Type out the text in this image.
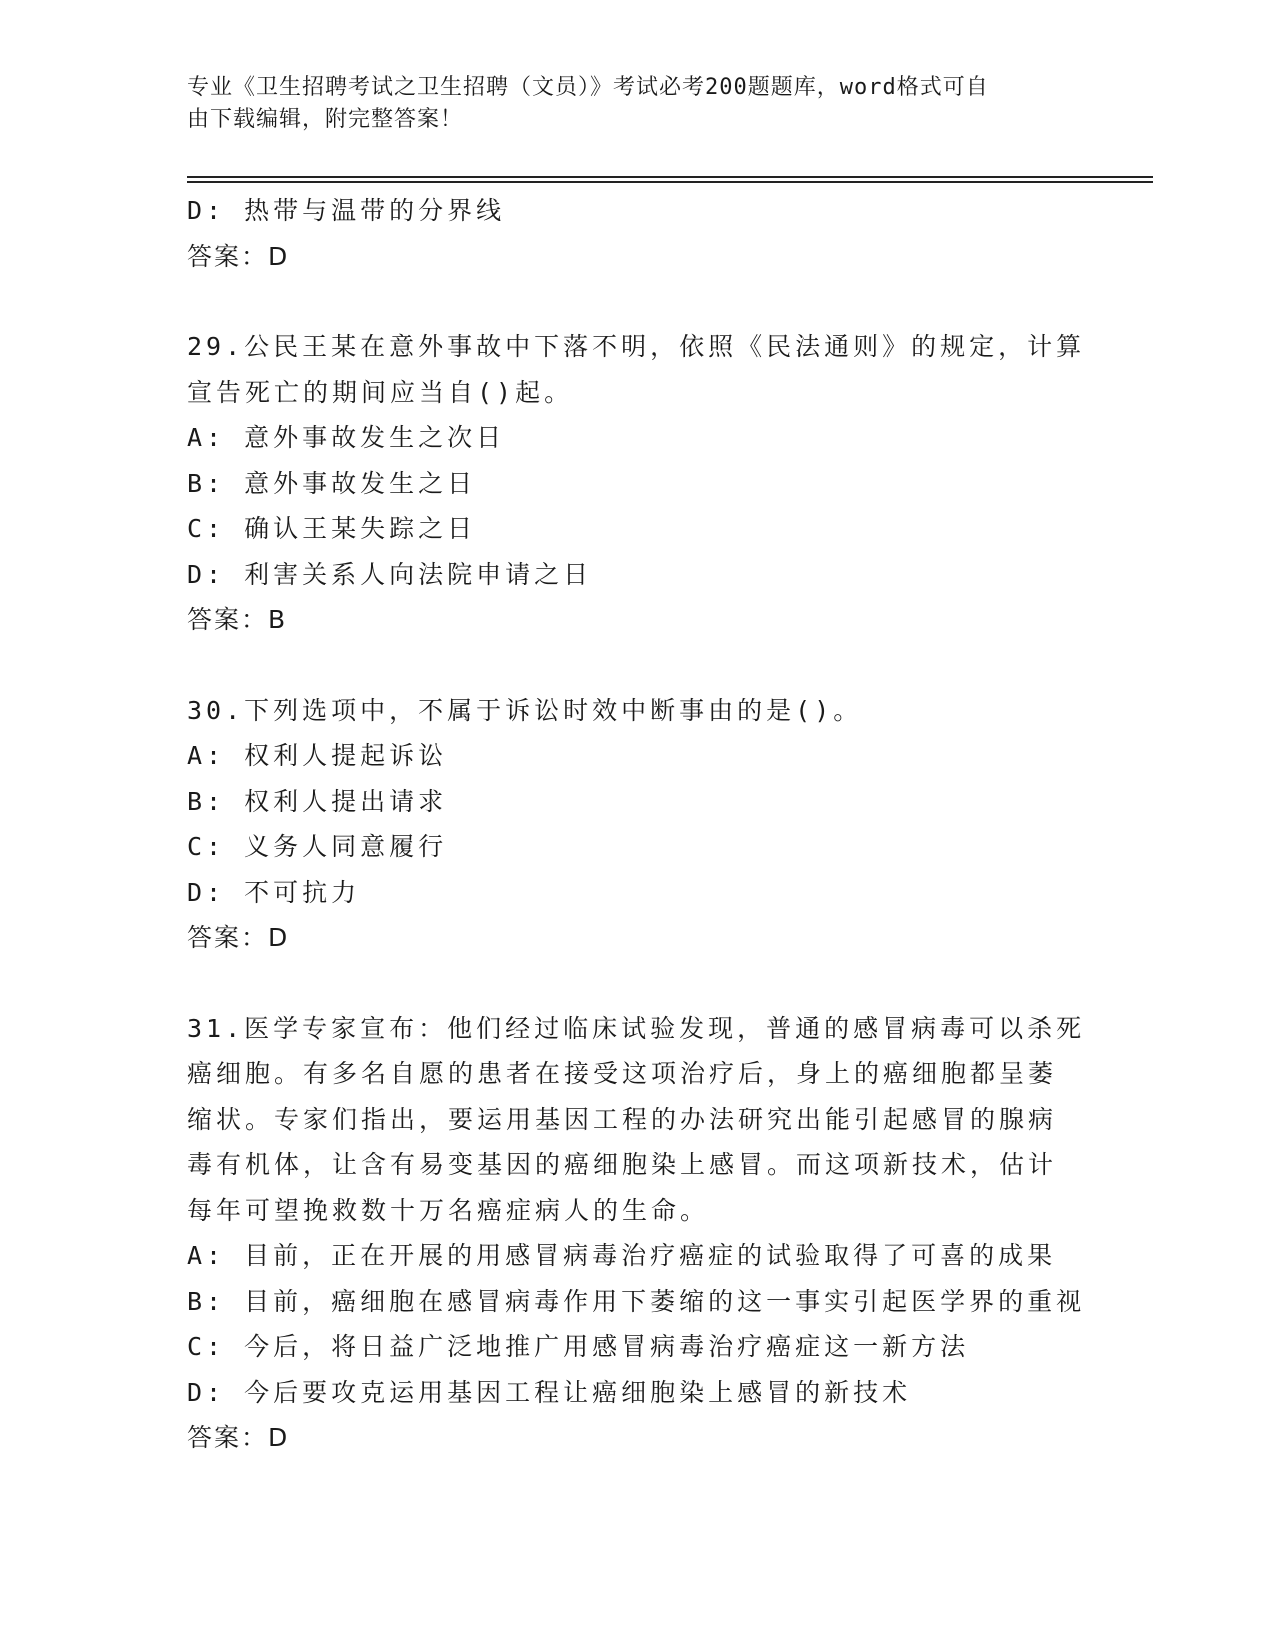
专业《卫生招聘考试之卫生招聘（文员）》考试必考200题题库，word格式可自
由下载编辑，附完整答案！
D: 热带与温带的分界线
答案：D
29.公民王某在意外事故中下落不明，依照《民法通则》的规定，计算
宣告死亡的期间应当自()起。
A: 意外事故发生之次日
B: 意外事故发生之日
C: 确认王某失踪之日
D: 利害关系人向法院申请之日
答案：B
30.下列选项中，不属于诉讼时效中断事由的是()。
A: 权利人提起诉讼
B: 权利人提出请求
C: 义务人同意履行
D: 不可抗力
答案：D
31.医学专家宣布：他们经过临床试验发现，普通的感冒病毒可以杀死
癌细胞。有多名自愿的患者在接受这项治疗后，身上的癌细胞都呈萎
缩状。专家们指出，要运用基因工程的办法研究出能引起感冒的腺病
毒有机体，让含有易变基因的癌细胞染上感冒。而这项新技术，估计
每年可望挽救数十万名癌症病人的生命。
A: 目前，正在开展的用感冒病毒治疗癌症的试验取得了可喜的成果
B: 目前，癌细胞在感冒病毒作用下萎缩的这一事实引起医学界的重视
C: 今后，将日益广泛地推广用感冒病毒治疗癌症这一新方法
D: 今后要攻克运用基因工程让癌细胞染上感冒的新技术
答案：D
